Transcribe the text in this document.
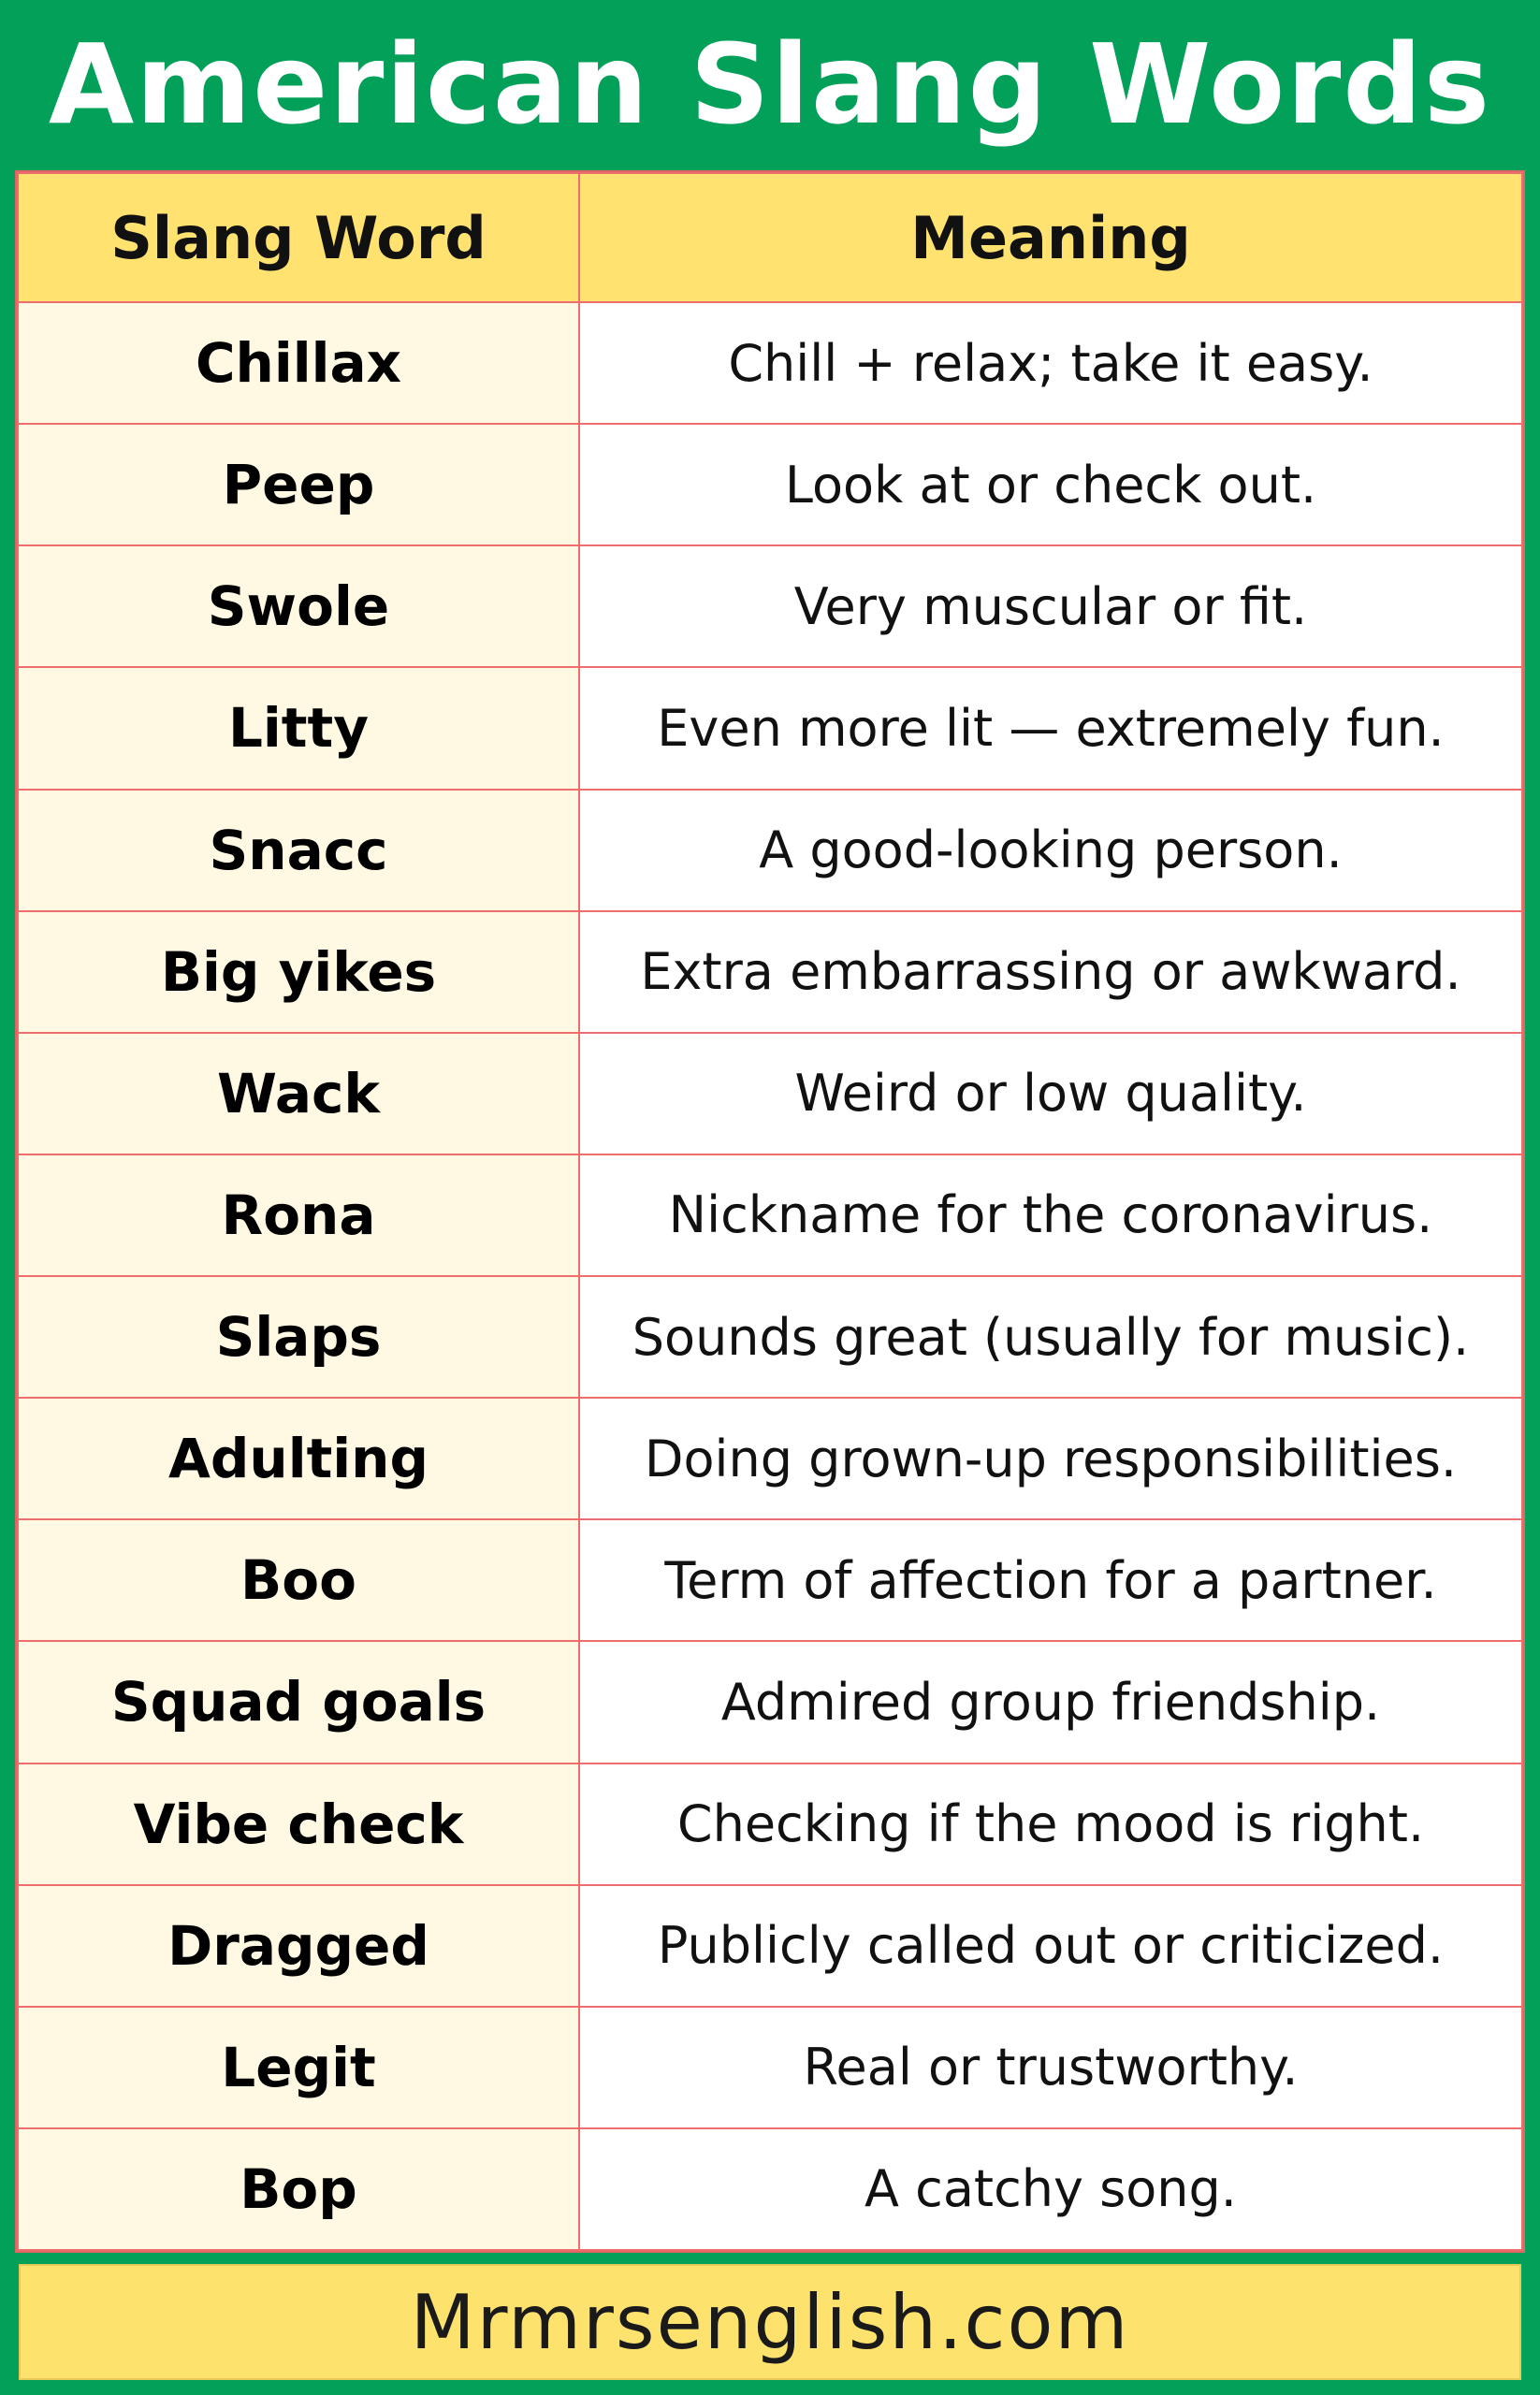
American Slang Words
Slang Word	Meaning
Chillax	Chill + relax; take it easy.
Peep	Look at or check out.
Swole	Very muscular or fit.
Litty	Even more lit — extremely fun.
Snacc	A good-looking person.
Big yikes	Extra embarrassing or awkward.
Wack	Weird or low quality.
Rona	Nickname for the coronavirus.
Slaps	Sounds great (usually for music).
Adulting	Doing grown-up responsibilities.
Boo	Term of affection for a partner.
Squad goals	Admired group friendship.
Vibe check	Checking if the mood is right.
Dragged	Publicly called out or criticized.
Legit	Real or trustworthy.
Bop	A catchy song.
Mrmrsenglish.com
